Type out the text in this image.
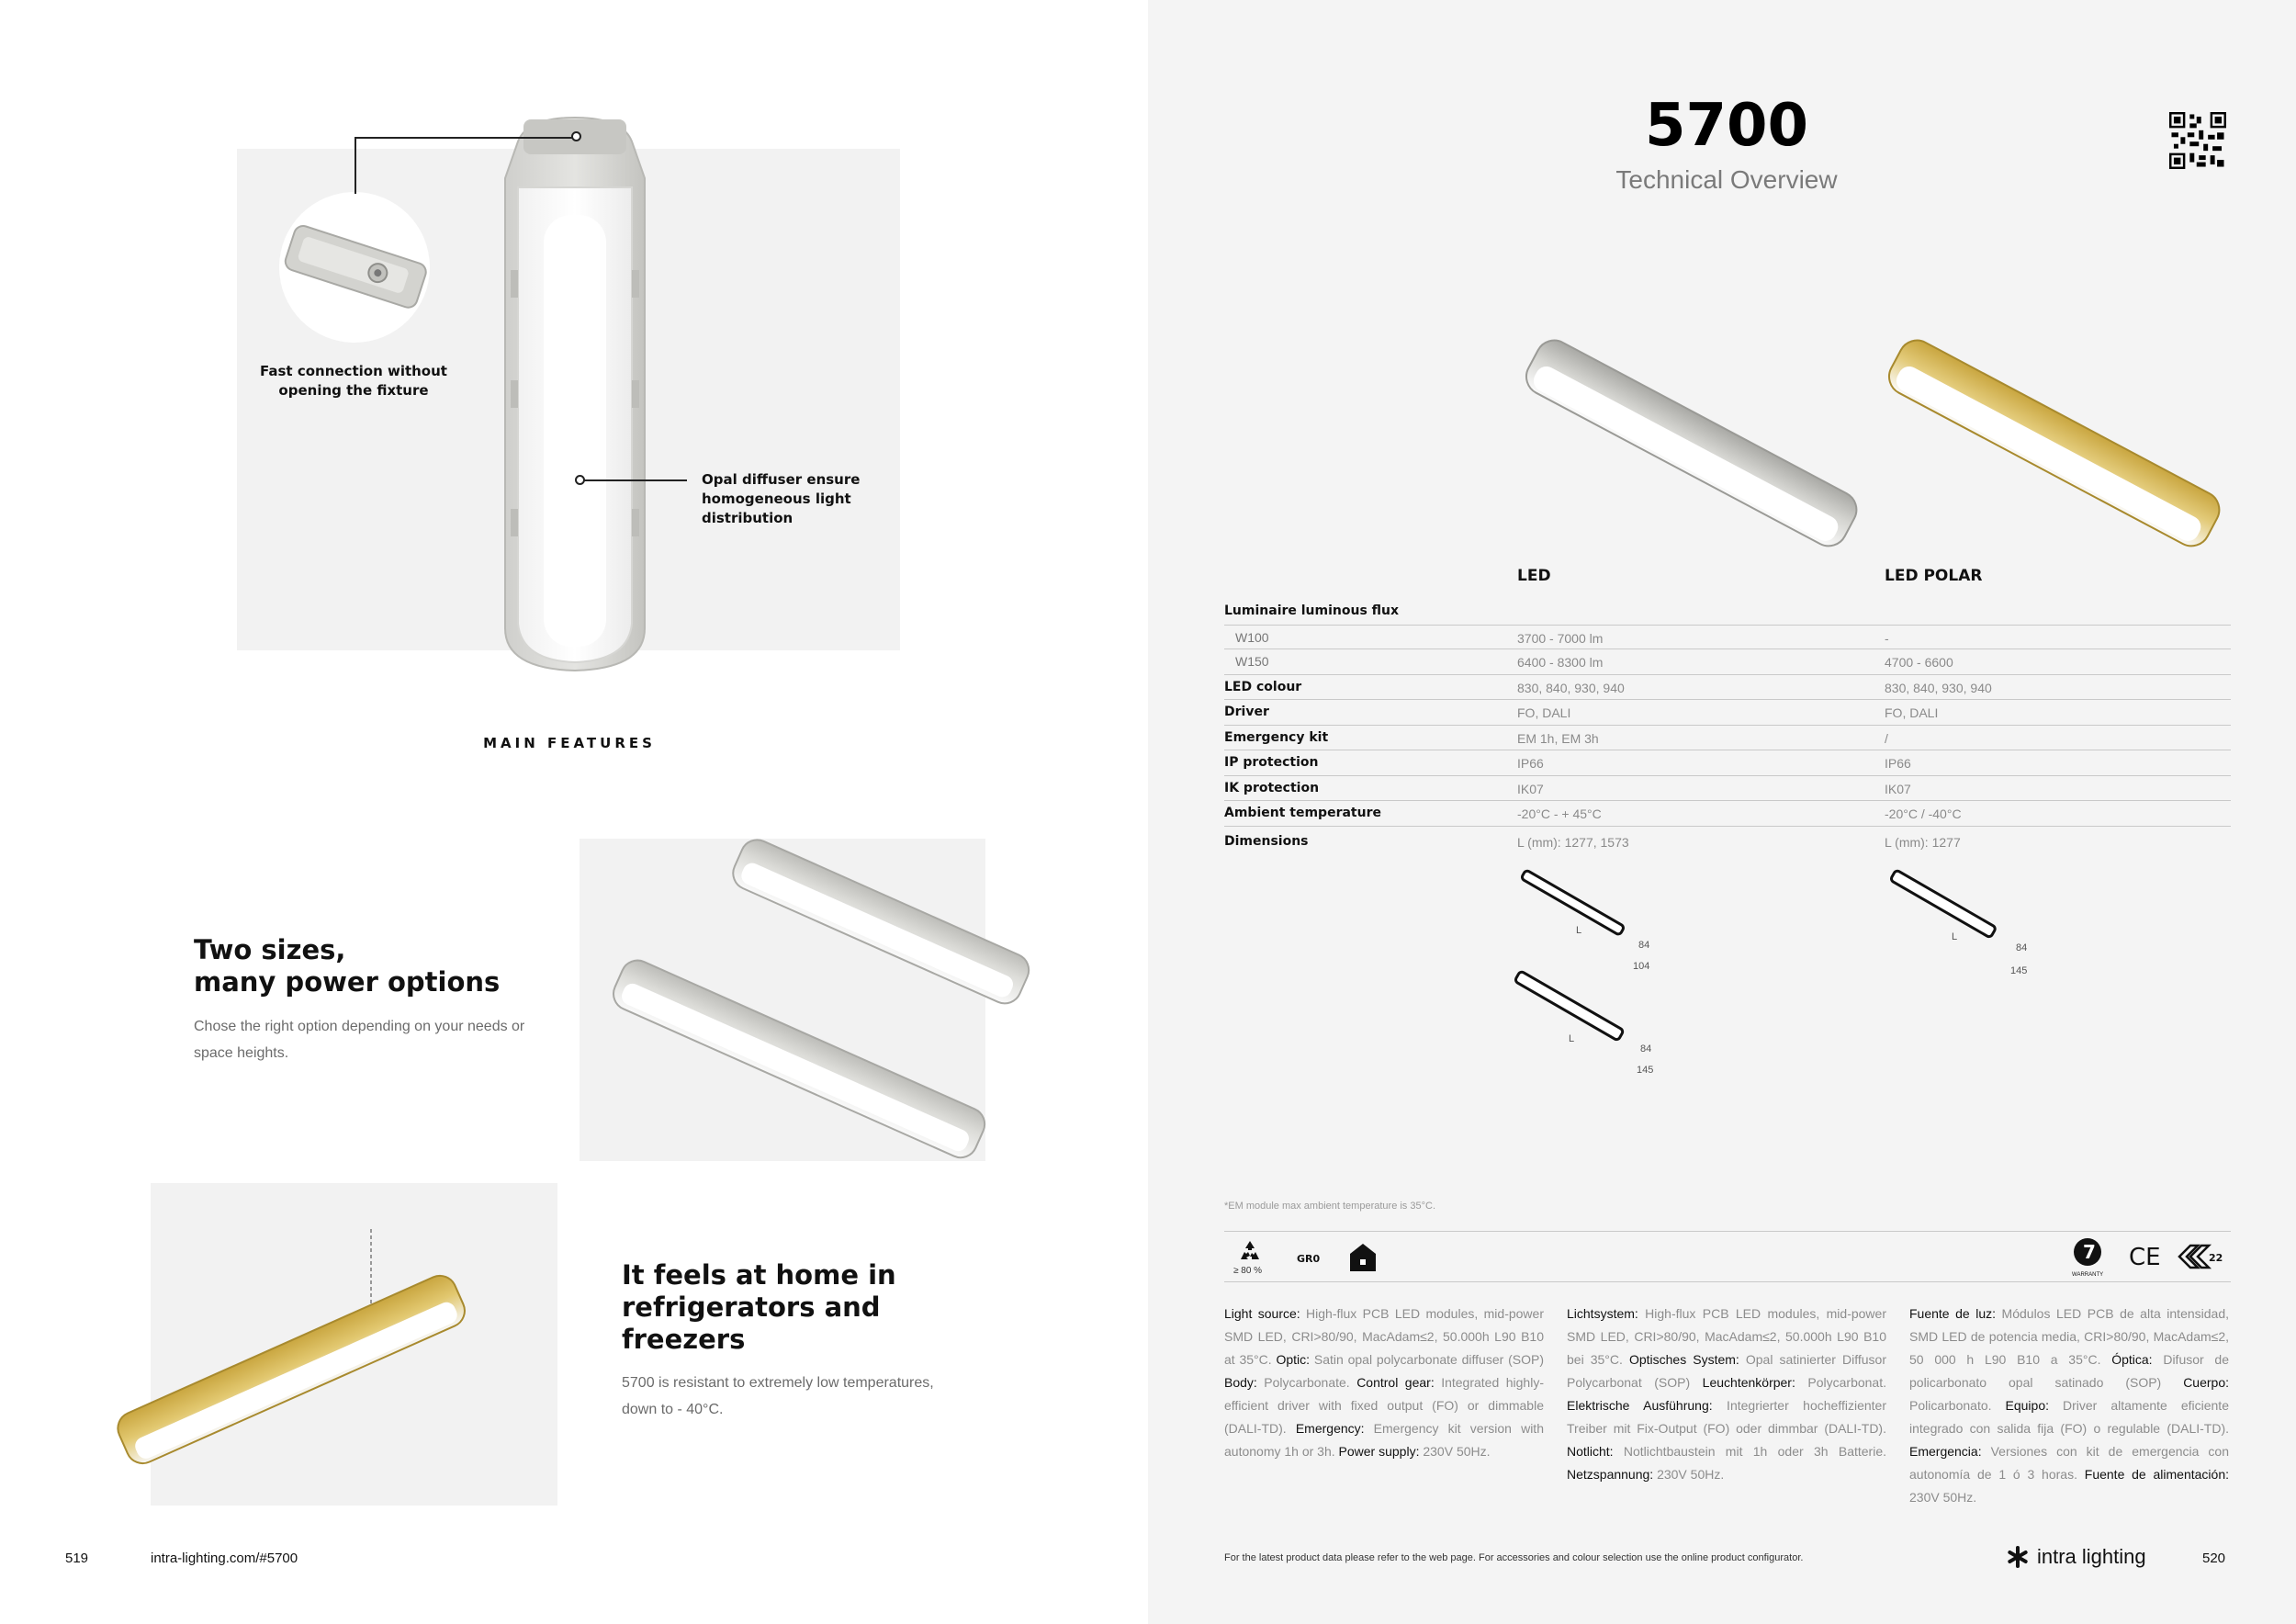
Fast connection without
opening the fixture
Opal diffuser ensure
homogeneous light
distribution
MAIN FEATURES
Two sizes,
many power options
Chose the right option depending on your needs or space heights.
It feels at home in
refrigerators and
freezers
5700 is resistant to extremely low temperatures, down to - 40°C.
519	intra-lighting.com/#5700
5700
Technical Overview
LED	LED POLAR
Luminaire luminous flux
W100	3700 - 7000 lm	-
W150	6400 - 8300 lm	4700 - 6600
LED colour	830, 840, 930, 940	830, 840, 930, 940
Driver	FO, DALI	FO, DALI
Emergency kit	EM 1h, EM 3h	/
IP protection	IP66	IP66
IK protection	IK07	IK07
Ambient temperature	-20°C - + 45°C	-20°C / -40°C
Dimensions	L (mm): 1277, 1573	L (mm): 1277
L
84
104
L
84
145
L
84
145
*EM module max ambient temperature is 35°C.
≥ 80 %
GR0	7
WARRANTY
CE	22
Light source: High-flux PCB LED modules, mid-power SMD LED, CRI>80/90, MacAdam≤2, 50.000h L90 B10 at 35°C. Optic: Satin opal polycarbonate diffuser (SOP) Body: Polycarbonate. Control gear: Integrated highly-efficient driver with fixed output (FO) or dimmable (DALI-TD). Emergency: Emergency kit version with autonomy 1h or 3h. Power supply: 230V 50Hz.
Lichtsystem: High-flux PCB LED modules, mid-power SMD LED, CRI>80/90, MacAdam≤2, 50.000h L90 B10 bei 35°C. Optisches System: Opal satinierter Diffusor Polycarbonat (SOP) Leuchtenkörper: Polycarbonat. Elektrische Ausführung: Integrierter hocheffizienter Treiber mit Fix-Output (FO) oder dimmbar (DALI-TD). Notlicht: Notlichtbaustein mit 1h oder 3h Batterie. Netzspannung: 230V 50Hz.
Fuente de luz: Módulos LED PCB de alta intensidad, SMD LED de potencia media, CRI>80/90, MacAdam≤2, 50 000 h L90 B10 a 35°C. Óptica: Difusor de policarbonato opal satinado (SOP) Cuerpo: Policarbonato. Equipo: Driver altamente eficiente integrado con salida fija (FO) o regulable (DALI-TD). Emergencia: Versiones con kit de emergencia con autonomía de 1 ó 3 horas. Fuente de alimentación: 230V 50Hz.
For the latest product data please refer to the web page. For accessories and colour selection use the online product configurator.	intra lighting	520
